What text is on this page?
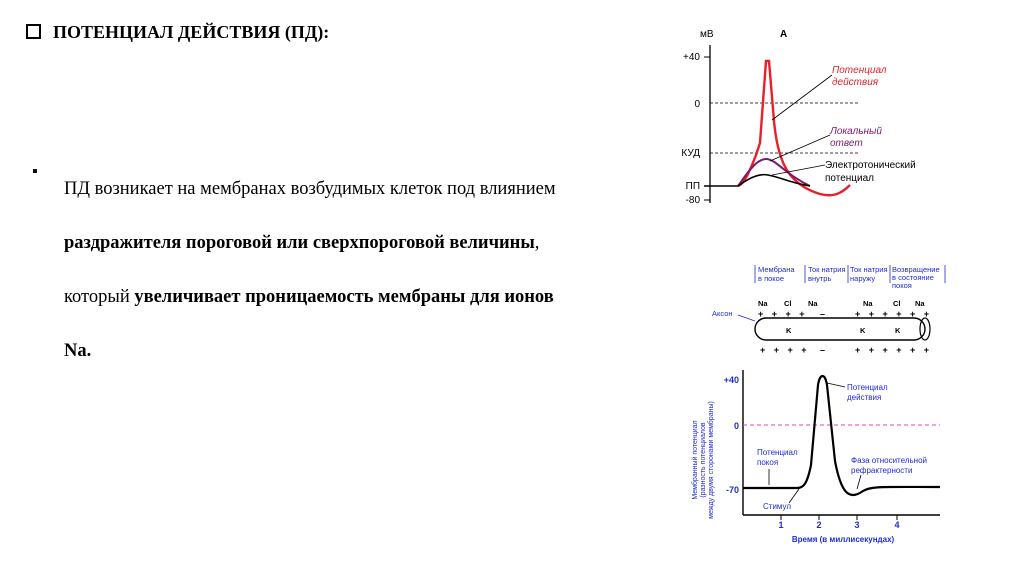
ПОТЕНЦИАЛ ДЕЙСТВИЯ (ПД):
▪
ПД возникает на мембранах возбудимых клеток под влиянием раздражителя пороговой или сверхпороговой величины, который увеличивает проницаемость мембраны для ионов Na.
мВ	А
+40
0
КУД
ПП
-80
Потенциал
действия
Локальный
ответ
Электротонический
потенциал
Мембрана
в покое
Ток натрия
внутрь
Ток натрия
наружу
Возвращение
в состояние
покоя
Аксон
Na Cl Na	Na	Cl Na
K	K	K
+ + + + –	+ + + + + +
+ + + + –	+ + + + + +
Мембранный потенциал (разность потенциалов между двумя сторонами мембраны)
+40
0
-70
1	2	3	4
Время (в миллисекундах)
Потенциал
действия
Потенциал
покоя	Фаза относительной
рефрактерности
Стимул
